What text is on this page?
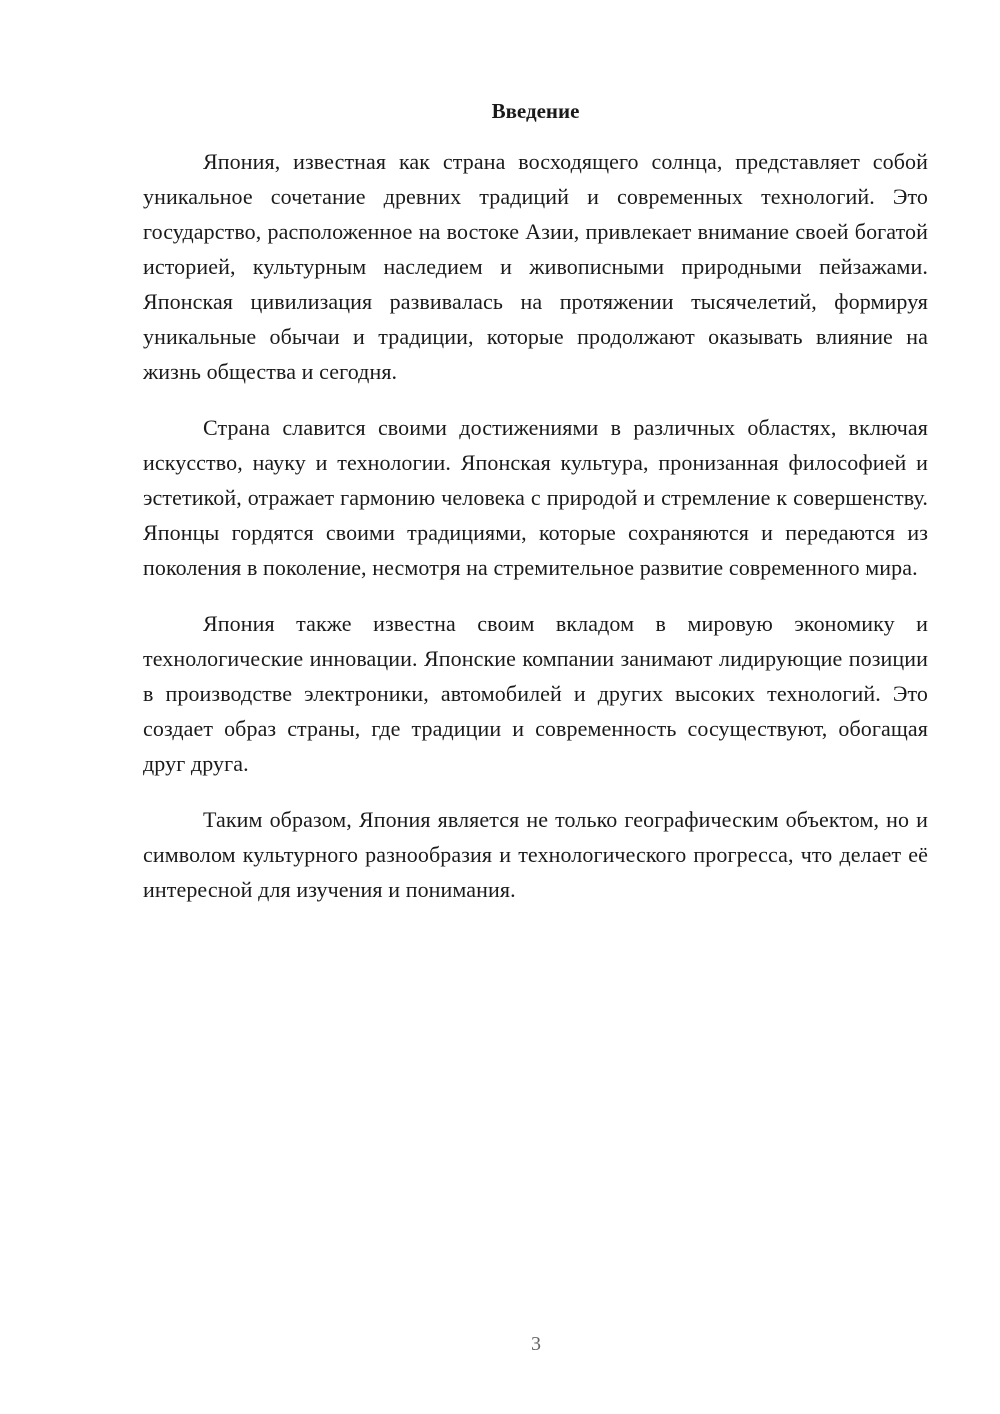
Введение

Япония, известная как страна восходящего солнца, представляет собой уникальное сочетание древних традиций и современных технологий. Это государство, расположенное на востоке Азии, привлекает внимание своей богатой историей, культурным наследием и живописными природными пейзажами. Японская цивилизация развивалась на протяжении тысячелетий, формируя уникальные обычаи и традиции, которые продолжают оказывать влияние на жизнь общества и сегодня.

Страна славится своими достижениями в различных областях, включая искусство, науку и технологии. Японская культура, пронизанная философией и эстетикой, отражает гармонию человека с природой и стремление к совершенству. Японцы гордятся своими традициями, которые сохраняются и передаются из поколения в поколение, несмотря на стремительное развитие современного мира.

Япония также известна своим вкладом в мировую экономику и технологические инновации. Японские компании занимают лидирующие позиции в производстве электроники, автомобилей и других высоких технологий. Это создает образ страны, где традиции и современность сосуществуют, обогащая друг друга.

Таким образом, Япония является не только географическим объектом, но и символом культурного разнообразия и технологического прогресса, что делает её интересной для изучения и понимания.

3
